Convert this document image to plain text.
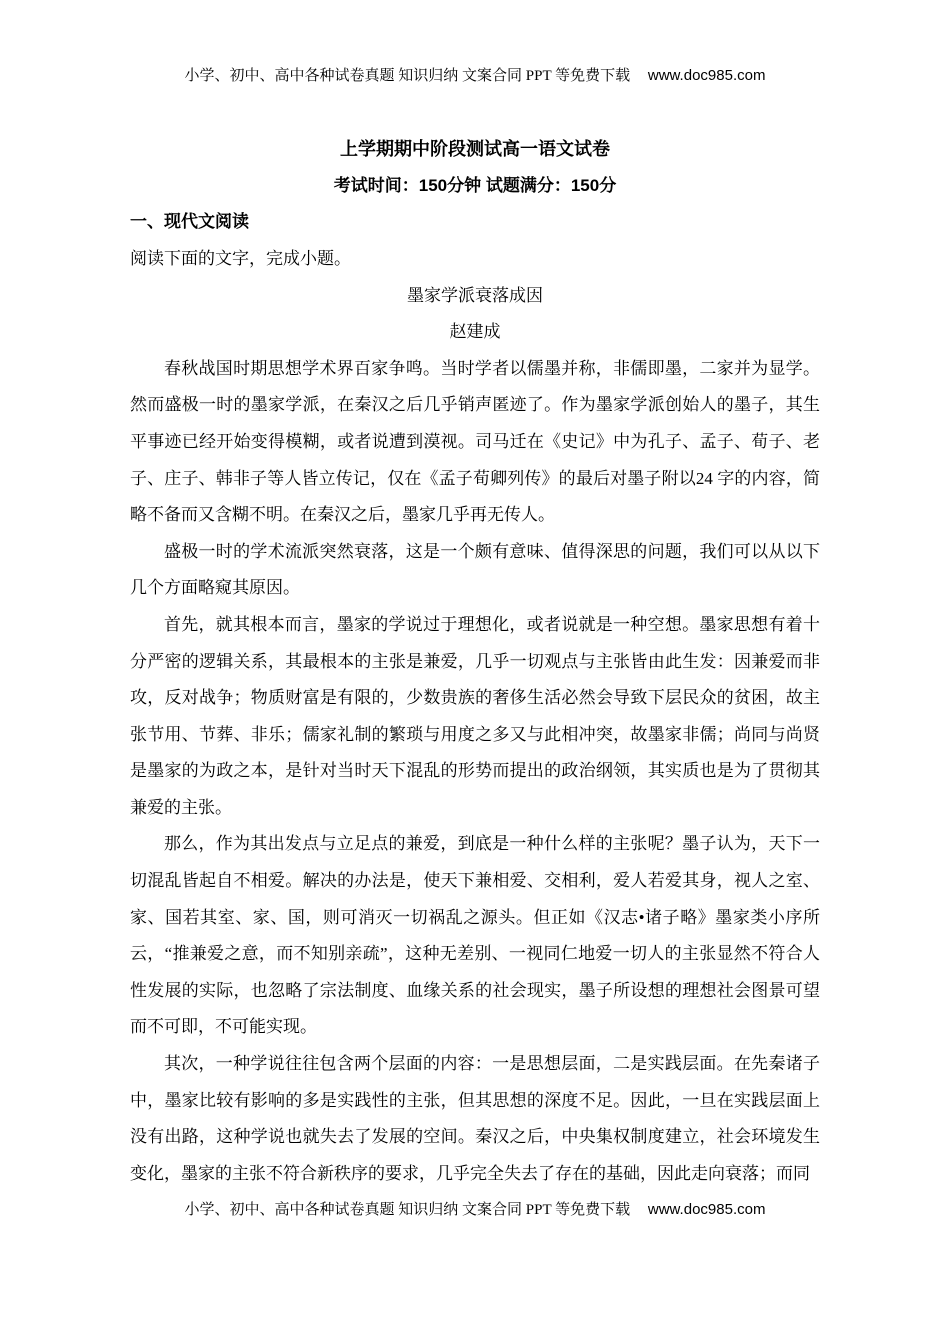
小学、初中、高中各种试卷真题 知识归纳 文案合同 PPT 等免费下载 www.doc985.com
上学期期中阶段测试高一语文试卷
考试时间：150分钟 试题满分：150分
一、现代文阅读
阅读下面的文字，完成小题。
墨家学派衰落成因
赵建成

春秋战国时期思想学术界百家争鸣。当时学者以儒墨并称，非儒即墨，二家并为显学。然而盛极一时的墨家学派，在秦汉之后几乎销声匿迹了。作为墨家学派创始人的墨子，其生平事迹已经开始变得模糊，或者说遭到漠视。司马迁在《史记》中为孔子、孟子、荀子、老子、庄子、韩非子等人皆立传记，仅在《孟子荀卿列传》的最后对墨子附以24 字的内容，简略不备而又含糊不明。在秦汉之后，墨家几乎再无传人。

盛极一时的学术流派突然衰落，这是一个颇有意味、值得深思的问题，我们可以从以下几个方面略窥其原因。

首先，就其根本而言，墨家的学说过于理想化，或者说就是一种空想。墨家思想有着十分严密的逻辑关系，其最根本的主张是兼爱，几乎一切观点与主张皆由此生发：因兼爱而非攻，反对战争；物质财富是有限的，少数贵族的奢侈生活必然会导致下层民众的贫困，故主张节用、节葬、非乐；儒家礼制的繁琐与用度之多又与此相冲突，故墨家非儒；尚同与尚贤是墨家的为政之本，是针对当时天下混乱的形势而提出的政治纲领，其实质也是为了贯彻其兼爱的主张。

那么，作为其出发点与立足点的兼爱，到底是一种什么样的主张呢？墨子认为，天下一切混乱皆起自不相爱。解决的办法是，使天下兼相爱、交相利，爱人若爱其身，视人之室、家、国若其室、家、国，则可消灭一切祸乱之源头。但正如《汉志•诸子略》墨家类小序所云，“推兼爱之意，而不知别亲疏”，这种无差别、一视同仁地爱一切人的主张显然不符合人性发展的实际，也忽略了宗法制度、血缘关系的社会现实，墨子所设想的理想社会图景可望而不可即，不可能实现。

其次，一种学说往往包含两个层面的内容：一是思想层面，二是实践层面。在先秦诸子中，墨家比较有影响的多是实践性的主张，但其思想的深度不足。因此，一旦在实践层面上没有出路，这种学说也就失去了发展的空间。秦汉之后，中央集权制度建立，社会环境发生变化，墨家的主张不符合新秩序的要求，几乎完全失去了存在的基础，因此走向衰落；而同

小学、初中、高中各种试卷真题 知识归纳 文案合同 PPT 等免费下载 www.doc985.com
